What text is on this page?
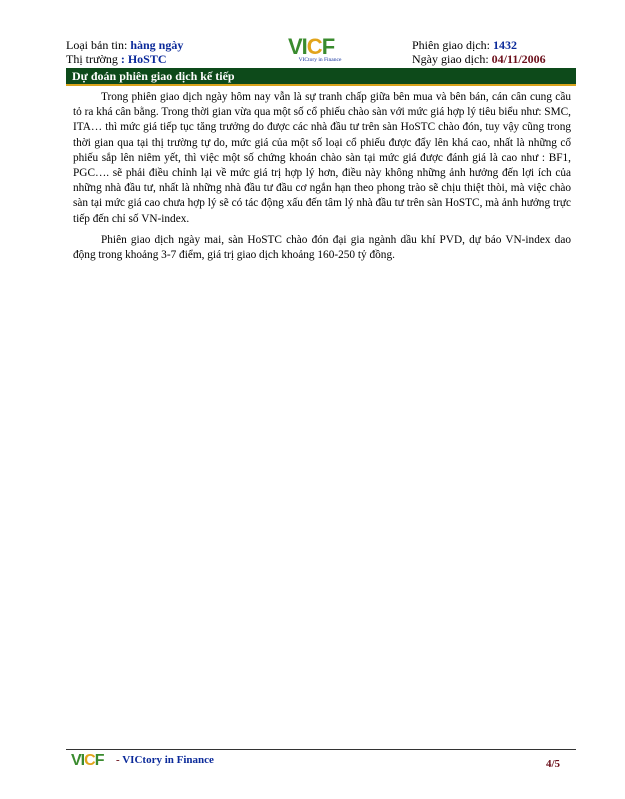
Loại bản tin: hàng ngày
Thị trường : HoSTC	VICF
VICtory in Finance
Phiên giao dịch: 1432
Ngày giao dịch: 04/11/2006
Dự đoán phiên giao dịch kế tiếp

Trong phiên giao dịch ngày hôm nay vẫn là sự tranh chấp giữa bên mua và bên bán, cán cân cung cầu tỏ ra khá cân bằng. Trong thời gian vừa qua một số cổ phiếu chào sàn với mức giá hợp lý tiêu biểu như: SMC, ITA… thì mức giá tiếp tục tăng trưởng do được các nhà đầu tư trên sàn HoSTC chào đón, tuy vậy cũng trong thời gian qua tại thị trường tự do, mức giá của một số loại cổ phiếu được đẩy lên khá cao, nhất là những cổ phiếu sắp lên niêm yết, thì việc một số chứng khoán chào sàn tại mức giá được đánh giá là cao như : BF1, PGC…. sẽ phải điều chỉnh lại về mức giá trị hợp lý hơn, điều này không những ảnh hưởng đến lợi ích của những nhà đầu tư, nhất là những nhà đầu tư đầu cơ ngắn hạn theo phong trào sẽ chịu thiệt thòi, mà việc chào sàn tại mức giá cao chưa hợp lý sẽ có tác động xấu đến tâm lý nhà đầu tư trên sàn HoSTC, mà ảnh hưởng trực tiếp đến chỉ số VN-index.

Phiên giao dịch ngày mai, sàn HoSTC chào đón đại gia ngành dầu khí PVD, dự báo VN-index dao động trong khoảng 3-7 điểm, giá trị giao dịch khoảng 160-250 tỷ đồng.

VICF - VICtory in Finance	4/5
